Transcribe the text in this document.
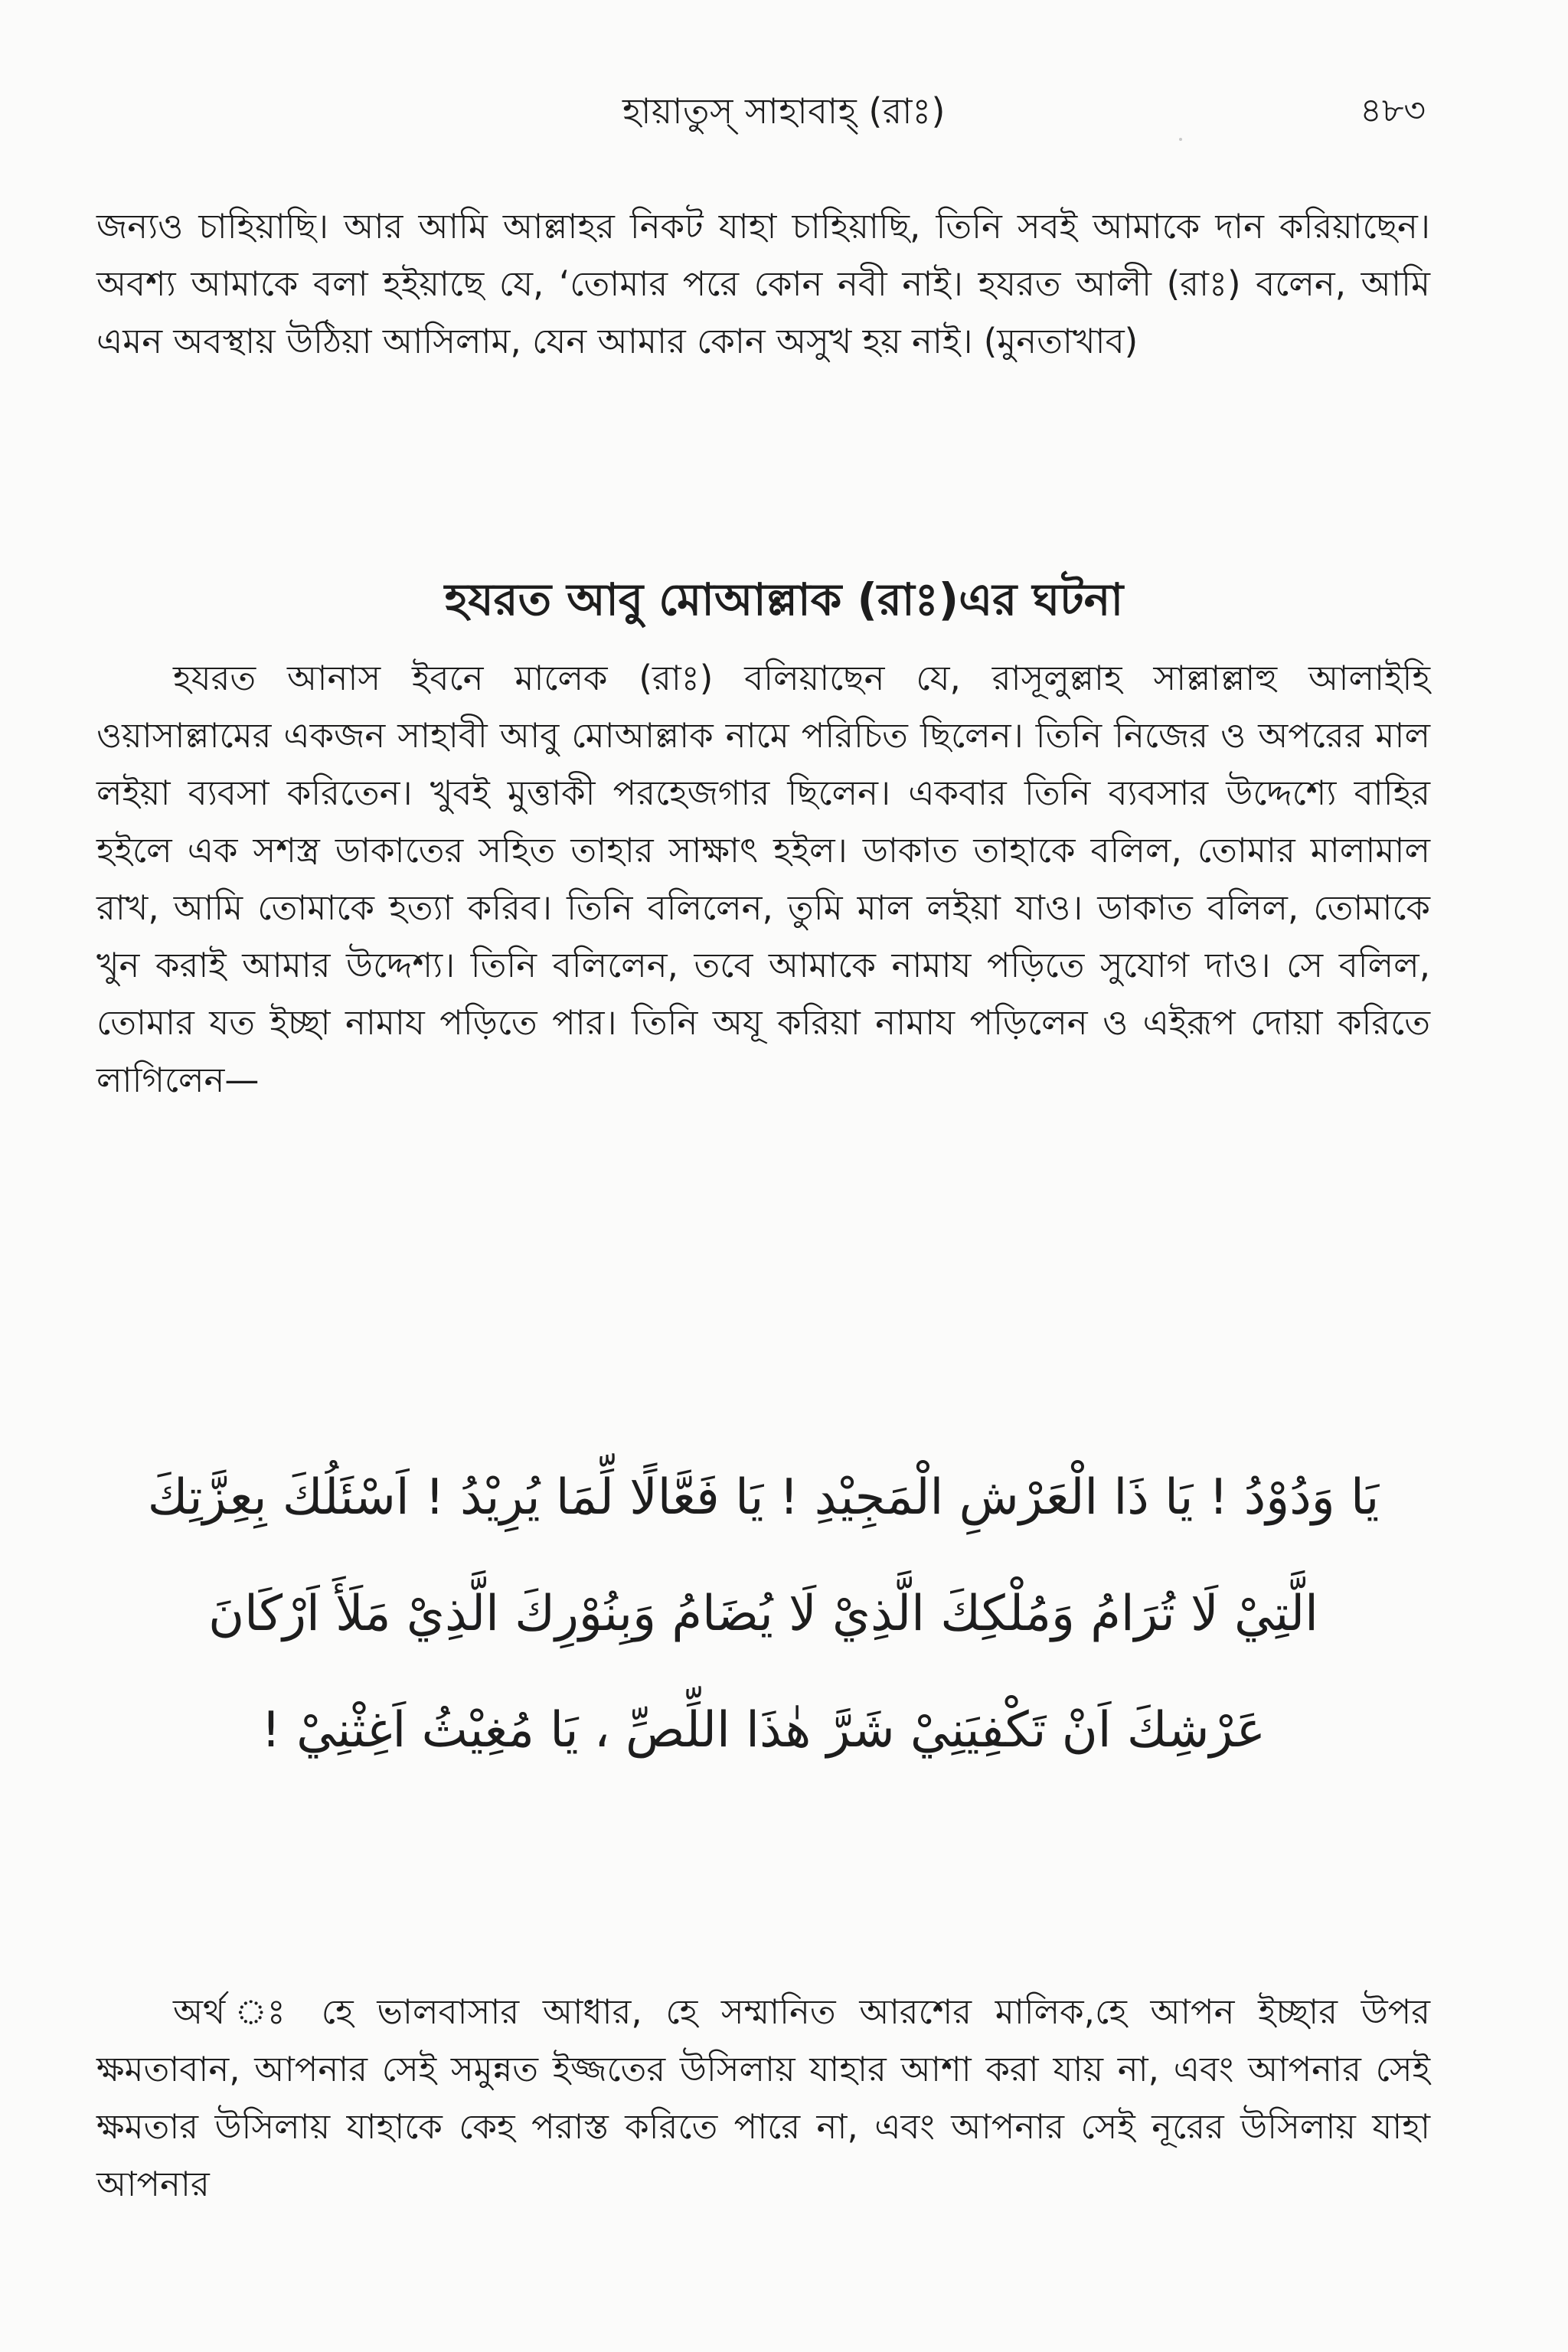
হায়াতুস্ সাহাবাহ্ (রাঃ)	৪৮৩

জন্যও চাহিয়াছি। আর আমি আল্লাহর নিকট যাহা চাহিয়াছি, তিনি সবই আমাকে দান করিয়াছেন। অবশ্য আমাকে বলা হইয়াছে যে, ‘তোমার পরে কোন নবী নাই। হযরত আলী (রাঃ) বলেন, আমি এমন অবস্থায় উঠিয়া আসিলাম, যেন আমার কোন অসুখ হয় নাই। (মুনতাখাব)

হযরত আবু মোআল্লাক (রাঃ)এর ঘটনা

হযরত আনাস ইবনে মালেক (রাঃ) বলিয়াছেন যে, রাসূলুল্লাহ সাল্লাল্লাহু আলাইহি ওয়াসাল্লামের একজন সাহাবী আবু মোআল্লাক নামে পরিচিত ছিলেন। তিনি নিজের ও অপরের মাল লইয়া ব্যবসা করিতেন। খুবই মুত্তাকী পরহেজগার ছিলেন। একবার তিনি ব্যবসার উদ্দেশ্যে বাহির হইলে এক সশস্ত্র ডাকাতের সহিত তাহার সাক্ষাৎ হইল। ডাকাত তাহাকে বলিল, তোমার মালামাল রাখ, আমি তোমাকে হত্যা করিব। তিনি বলিলেন, তুমি মাল লইয়া যাও। ডাকাত বলিল, তোমাকে খুন করাই আমার উদ্দেশ্য। তিনি বলিলেন, তবে আমাকে নামায পড়িতে সুযোগ দাও। সে বলিল, তোমার যত ইচ্ছা নামায পড়িতে পার। তিনি অযূ করিয়া নামায পড়িলেন ও এইরূপ দোয়া করিতে লাগিলেন—

يَا وَدُوْدُ ! يَا ذَا الْعَرْشِ الْمَجِيْدِ ! يَا فَعَّالًا لِّمَا يُرِيْدُ ! اَسْئَلُكَ بِعِزَّتِكَ

الَّتِيْ لَا تُرَامُ وَمُلْكِكَ الَّذِيْ لَا يُضَامُ وَبِنُوْرِكَ الَّذِيْ مَلَأَ اَرْكَانَ

عَرْشِكَ اَنْ تَكْفِيَنِيْ شَرَّ هٰذَا اللِّصِّ ، يَا مُغِيْثُ اَغِثْنِيْ !

অর্থ ঃ হে ভালবাসার আধার, হে সম্মানিত আরশের মালিক,হে আপন ইচ্ছার উপর ক্ষমতাবান, আপনার সেই সমুন্নত ইজ্জতের উসিলায় যাহার আশা করা যায় না, এবং আপনার সেই ক্ষমতার উসিলায় যাহাকে কেহ পরাস্ত করিতে পারে না, এবং আপনার সেই নূরের উসিলায় যাহা আপনার
